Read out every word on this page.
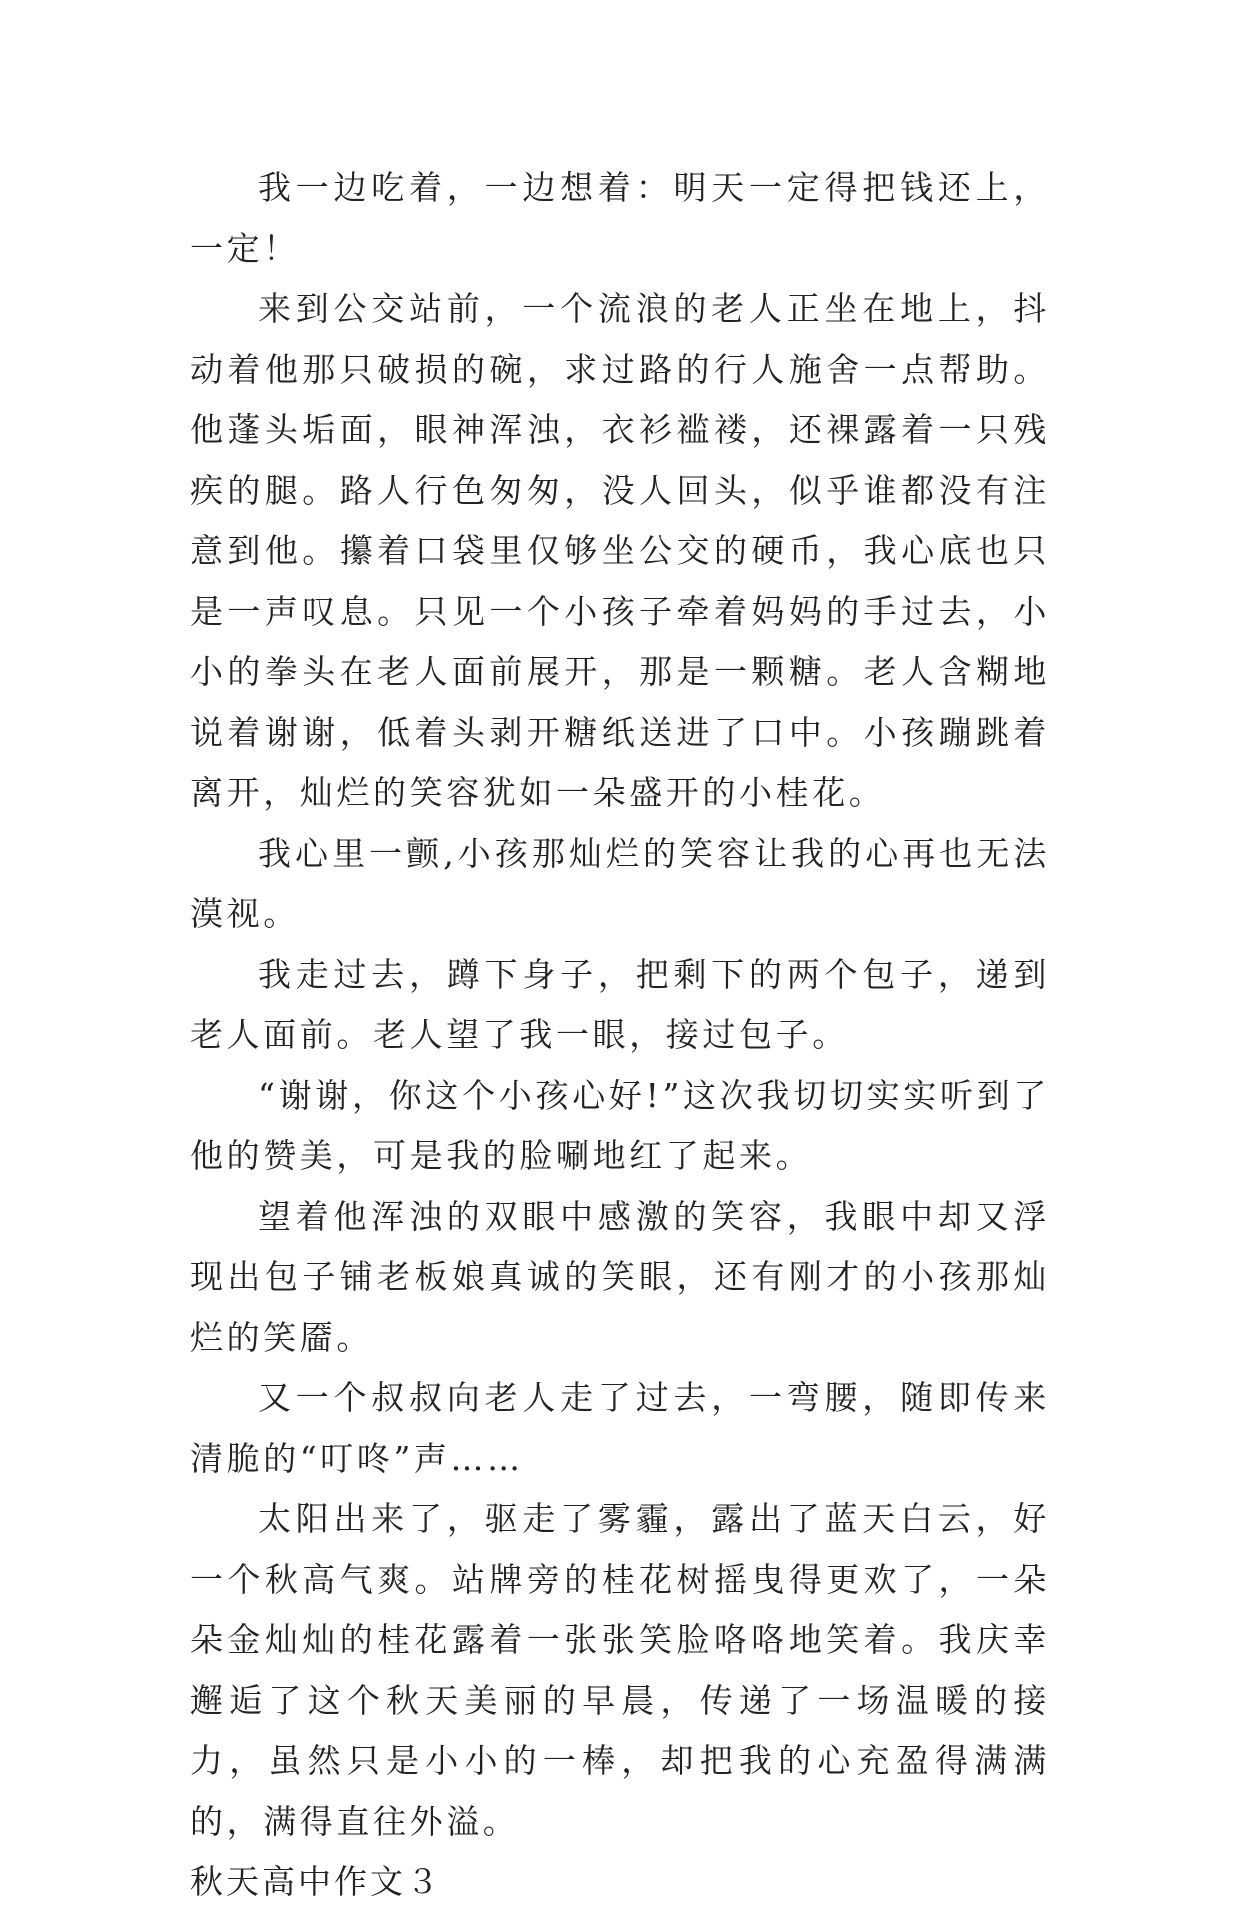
我一边吃着，一边想着：明天一定得把钱还上，一定！

来到公交站前，一个流浪的老人正坐在地上，抖动着他那只破损的碗，求过路的行人施舍一点帮助。他蓬头垢面，眼神浑浊，衣衫褴褛，还裸露着一只残疾的腿。路人行色匆匆，没人回头，似乎谁都没有注意到他。攥着口袋里仅够坐公交的硬币，我心底也只是一声叹息。只见一个小孩子牵着妈妈的手过去，小小的拳头在老人面前展开，那是一颗糖。老人含糊地说着谢谢，低着头剥开糖纸送进了口中。小孩蹦跳着离开，灿烂的笑容犹如一朵盛开的小桂花。

我心里一颤,小孩那灿烂的笑容让我的心再也无法漠视。

我走过去，蹲下身子，把剩下的两个包子，递到老人面前。老人望了我一眼，接过包子。

“谢谢，你这个小孩心好!”这次我切切实实听到了他的赞美，可是我的脸唰地红了起来。

望着他浑浊的双眼中感激的笑容，我眼中却又浮现出包子铺老板娘真诚的笑眼，还有刚才的小孩那灿烂的笑靥。

又一个叔叔向老人走了过去，一弯腰，随即传来清脆的“叮咚”声……

太阳出来了，驱走了雾霾，露出了蓝天白云，好一个秋高气爽。站牌旁的桂花树摇曳得更欢了，一朵朵金灿灿的桂花露着一张张笑脸咯咯地笑着。我庆幸邂逅了这个秋天美丽的早晨，传递了一场温暖的接力，虽然只是小小的一棒，却把我的心充盈得满满的，满得直往外溢。

秋天高中作文３
